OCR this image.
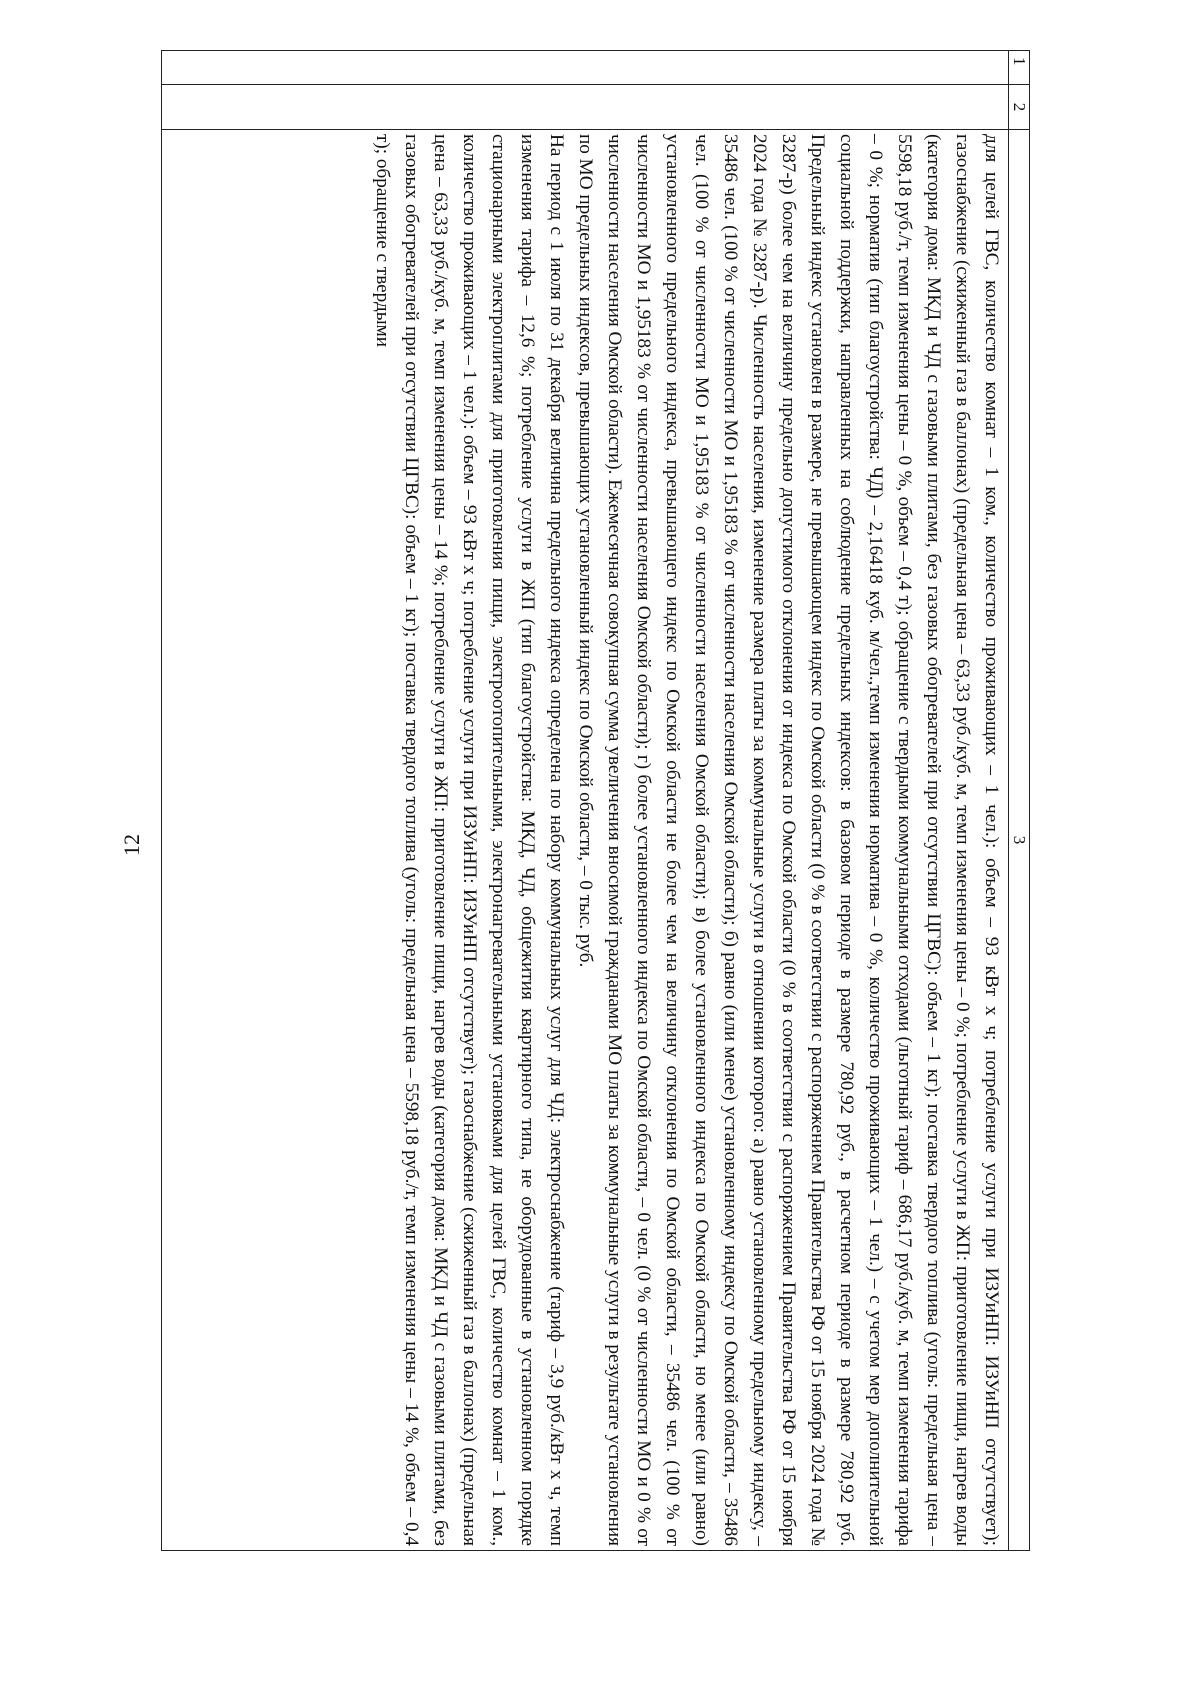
12
1	2	3

		для целей ГВС, количество комнат – 1 ком., количество проживающих – 1 чел.): объем – 93 кВт х ч; потребление услуги при ИЗУиНП: ИЗУиНП отсутствует); газоснабжение (сжиженный газ в баллонах) (предельная цена – 63,33 руб./куб. м, темп изменения цены – 0 %; потребление услуги в ЖП: приготовление пищи, нагрев воды (категория дома: МКД и ЧД с газовыми плитами, без газовых обогревателей при отсутствии ЦГВС): объем – 1 кг); поставка твердого топлива (уголь: предельная цена – 5598,18 руб./т, темп изменения цены – 0 %, объем – 0,4 т); обращение с твердыми коммунальными отходами (льготный тариф – 686,17 руб./куб. м, темп изменения тарифа – 0 %; норматив (тип благоустройства: ЧД) – 2,16418 куб. м/чел.,темп изменения норматива – 0 %, количество проживающих – 1 чел.) – с учетом мер дополнительной социальной поддержки, направленных на соблюдение предельных индексов: в базовом периоде в размере 780,92 руб., в расчетном периоде в размере 780,92 руб. Предельный индекс установлен в размере, не превышающем индекс по Омской области (0 % в соответствии с распоряжением Правительства РФ от 15 ноября 2024 года № 3287-р) более чем на величину предельно допустимого отклонения от индекса по Омской области (0 % в соответствии с распоряжением Правительства РФ от 15 ноября 2024 года № 3287-р). Численность населения, изменение размера платы за коммунальные услуги в отношении которого: а) равно установленному предельному индексу, – 35486 чел. (100 % от численности МО и 1,95183 % от численности населения Омской области); б) равно (или менее) установленному индексу по Омской области, – 35486 чел. (100 % от численности МО и 1,95183 % от численности населения Омской области); в) более установленного индекса по Омской области, но менее (или равно) установленного предельного индекса, превышающего индекс по Омской области не более чем на величину отклонения по Омской области, – 35486 чел. (100 % от численности МО и 1,95183 % от численности населения Омской области); г) более установленного индекса по Омской области, – 0 чел. (0 % от численности МО и 0 % от численности населения Омской области). Ежемесячная совокупная сумма увеличения вносимой гражданами МО платы за коммунальные услуги в результате установления по МО предельных индексов, превышающих установленный индекс по Омской области, – 0 тыс. руб.

На период с 1 июля по 31 декабря величина предельного индекса определена по набору коммунальных услуг для ЧД: электроснабжение (тариф – 3,9 руб./кВт х ч, темп изменения тарифа – 12,6 %; потребление услуги в ЖП (тип благоустройства: МКД, ЧД, общежития квартирного типа, не оборудованные в установленном порядке стационарными электроплитами для приготовления пищи, электроотопительными, электронагревательными установками для целей ГВС, количество комнат – 1 ком., количество проживающих – 1 чел.): объем – 93 кВт х ч; потребление услуги при ИЗУиНП: ИЗУиНП отсутствует); газоснабжение (сжиженный газ в баллонах) (предельная цена – 63,33 руб./куб. м, темп изменения цены – 14 %; потребление услуги в ЖП: приготовление пищи, нагрев воды (категория дома: МКД и ЧД с газовыми плитами, без газовых обогревателей при отсутствии ЦГВС): объем – 1 кг); поставка твердого топлива (уголь: предельная цена – 5598,18 руб./т, темп изменения цены – 14 %, объем – 0,4 т); обращение с твердыми
